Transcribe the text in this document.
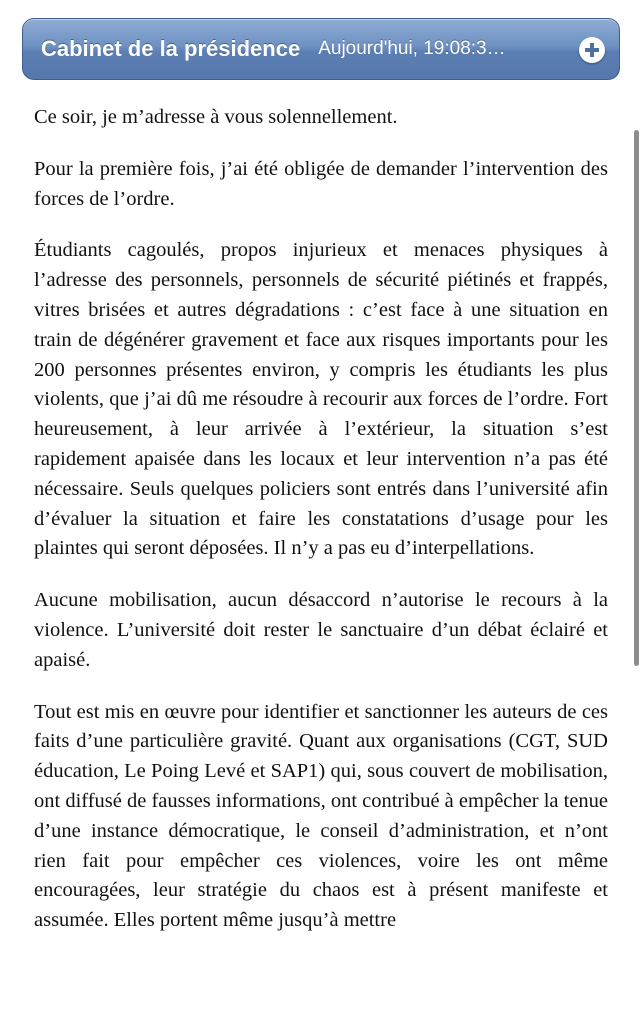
Cabinet de la présidence Aujourd'hui, 19:08:3…

Ce soir, je m’adresse à vous solennellement.

Pour la première fois, j’ai été obligée de demander l’intervention des forces de l’ordre.

Étudiants cagoulés, propos injurieux et menaces physiques à l’adresse des personnels, personnels de sécurité piétinés et frappés, vitres brisées et autres dégradations : c’est face à une situation en train de dégénérer gravement et face aux risques importants pour les 200 personnes présentes environ, y compris les étudiants les plus violents, que j’ai dû me résoudre à recourir aux forces de l’ordre. Fort heureusement, à leur arrivée à l’extérieur, la situation s’est rapidement apaisée dans les locaux et leur intervention n’a pas été nécessaire. Seuls quelques policiers sont entrés dans l’université afin d’évaluer la situation et faire les constatations d’usage pour les plaintes qui seront déposées. Il n’y a pas eu d’interpellations.

Aucune mobilisation, aucun désaccord n’autorise le recours à la violence. L’université doit rester le sanctuaire d’un débat éclairé et apaisé.

Tout est mis en œuvre pour identifier et sanctionner les auteurs de ces faits d’une particulière gravité. Quant aux organisations (CGT, SUD éducation, Le Poing Levé et SAP1) qui, sous couvert de mobilisation, ont diffusé de fausses informations, ont contribué à empêcher la tenue d’une instance démocratique, le conseil d’administration, et n’ont rien fait pour empêcher ces violences, voire les ont même encouragées, leur stratégie du chaos est à présent manifeste et assumée. Elles portent même jusqu’à mettre
